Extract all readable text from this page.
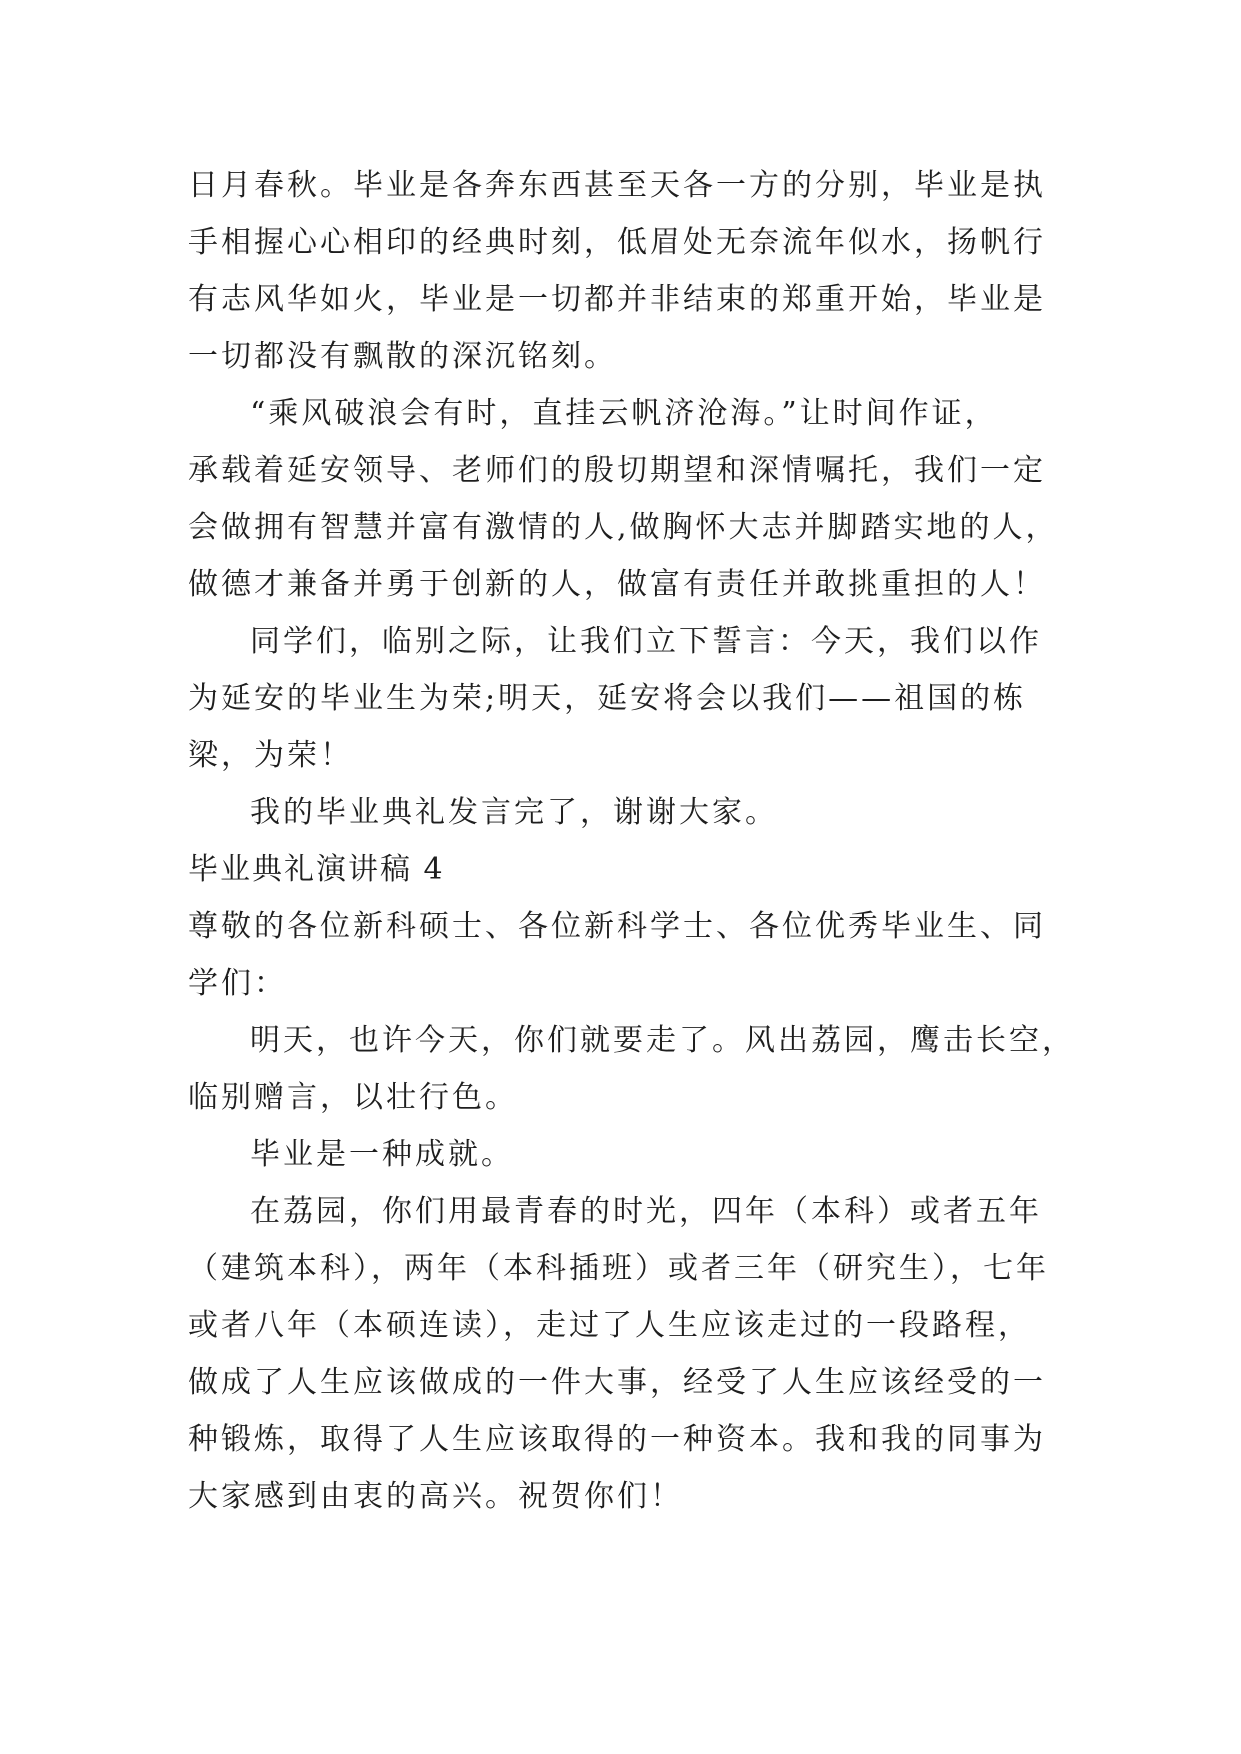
日月春秋。毕业是各奔东西甚至天各一方的分别，毕业是执
手相握心心相印的经典时刻，低眉处无奈流年似水，扬帆行
有志风华如火，毕业是一切都并非结束的郑重开始，毕业是
一切都没有飘散的深沉铭刻。
“乘风破浪会有时，直挂云帆济沧海。”让时间作证，
承载着延安领导、老师们的殷切期望和深情嘱托，我们一定
会做拥有智慧并富有激情的人,做胸怀大志并脚踏实地的人，
做德才兼备并勇于创新的人，做富有责任并敢挑重担的人！
同学们，临别之际，让我们立下誓言：今天，我们以作
为延安的毕业生为荣;明天，延安将会以我们——祖国的栋
梁，为荣！
我的毕业典礼发言完了，谢谢大家。
毕业典礼演讲稿 4
尊敬的各位新科硕士、各位新科学士、各位优秀毕业生、同
学们：
明天，也许今天，你们就要走了。风出荔园，鹰击长空，
临别赠言，以壮行色。
毕业是一种成就。
在荔园，你们用最青春的时光，四年（本科）或者五年
（建筑本科），两年（本科插班）或者三年（研究生），七年
或者八年（本硕连读），走过了人生应该走过的一段路程，
做成了人生应该做成的一件大事，经受了人生应该经受的一
种锻炼，取得了人生应该取得的一种资本。我和我的同事为
大家感到由衷的高兴。祝贺你们！
